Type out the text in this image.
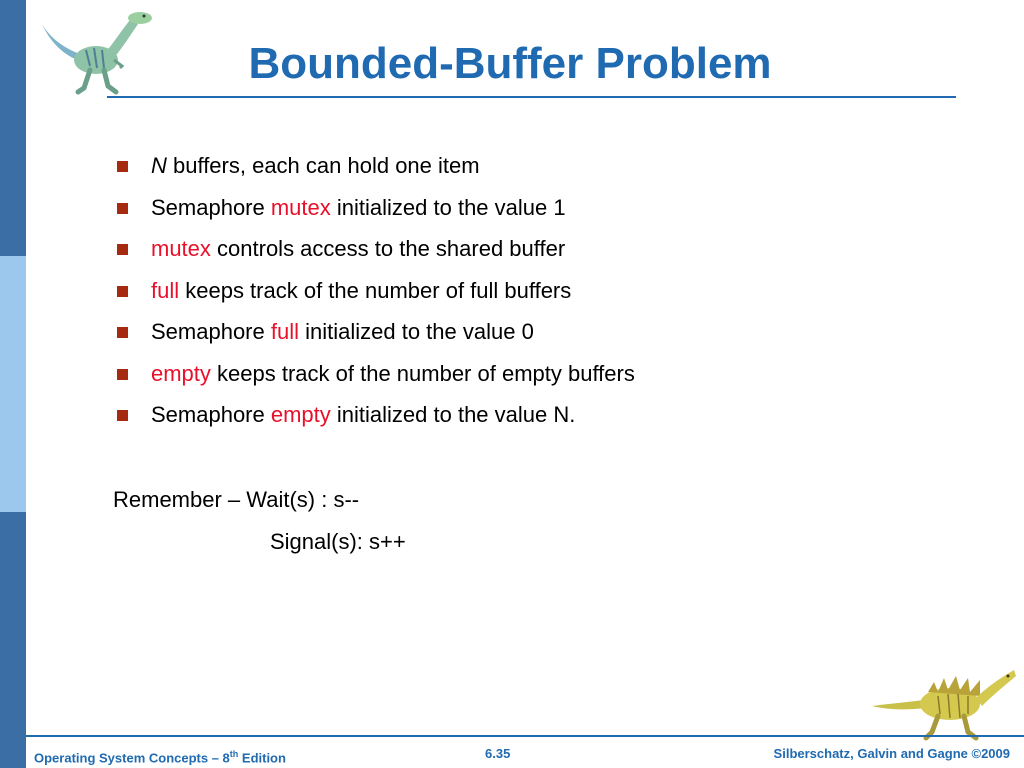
Bounded-Buffer Problem
N buffers, each can hold one item
Semaphore mutex initialized to the value 1
mutex controls access to the shared buffer
full keeps track of the number of full buffers
Semaphore full initialized to the value 0
empty keeps track of the number of empty buffers
Semaphore empty initialized to the value N.
Remember – Wait(s) : s--
Signal(s): s++
Operating System Concepts – 8th Edition	6.35	Silberschatz, Galvin and Gagne ©2009
